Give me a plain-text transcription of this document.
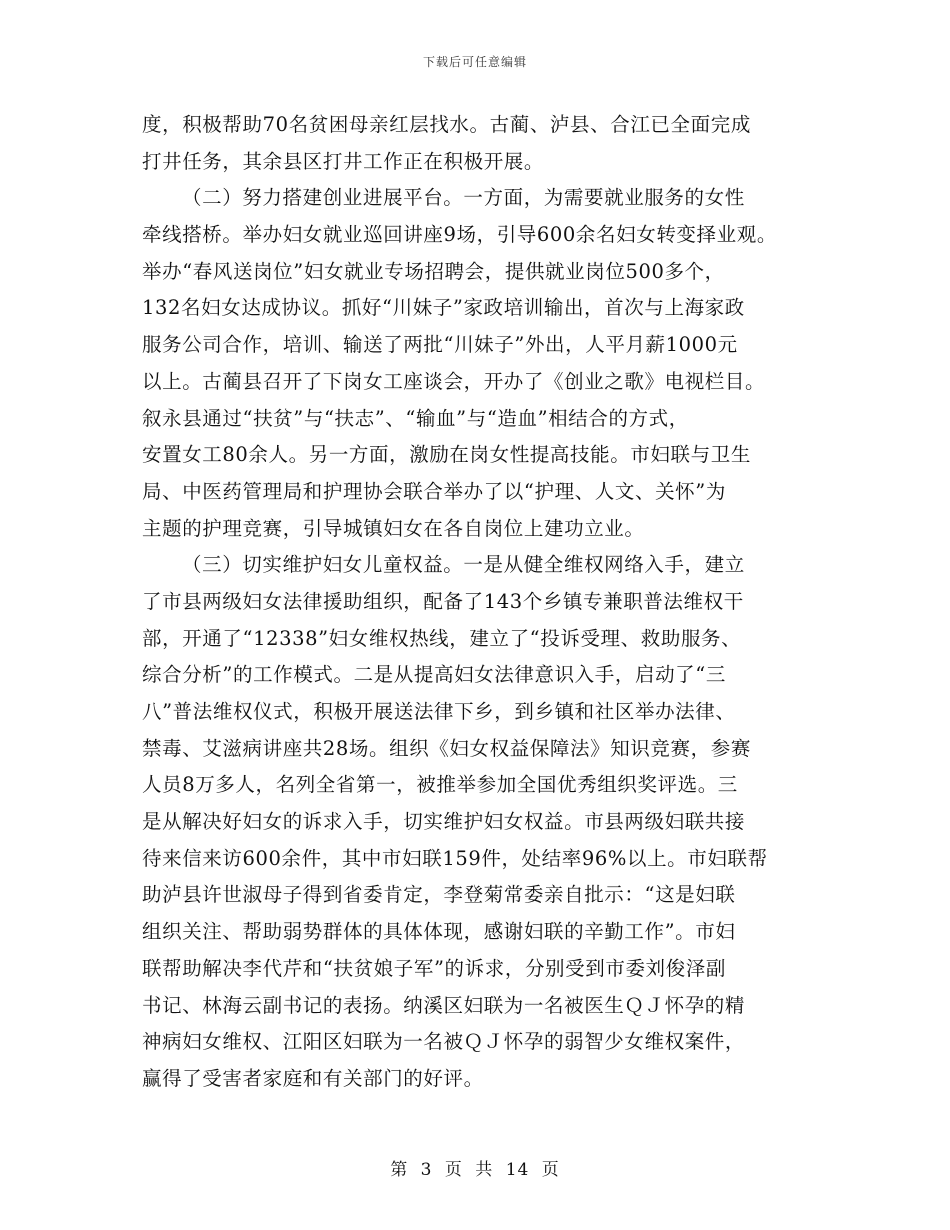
下载后可任意编辑
度，积极帮助70名贫困母亲红层找水。古蔺、泸县、合江已全面完成
打井任务，其余县区打井工作正在积极开展。
（二）努力搭建创业进展平台。一方面，为需要就业服务的女性
牵线搭桥。举办妇女就业巡回讲座9场，引导600余名妇女转变择业观。
举办“春风送岗位”妇女就业专场招聘会，提供就业岗位500多个，
132名妇女达成协议。抓好“川妹子”家政培训输出，首次与上海家政
服务公司合作，培训、输送了两批“川妹子”外出，人平月薪1000元
以上。古蔺县召开了下岗女工座谈会，开办了《创业之歌》电视栏目。
叙永县通过“扶贫”与“扶志”、“输血”与“造血”相结合的方式，
安置女工80余人。另一方面，激励在岗女性提高技能。市妇联与卫生
局、中医药管理局和护理协会联合举办了以“护理、人文、关怀”为
主题的护理竞赛，引导城镇妇女在各自岗位上建功立业。
（三）切实维护妇女儿童权益。一是从健全维权网络入手，建立
了市县两级妇女法律援助组织，配备了143个乡镇专兼职普法维权干
部，开通了“12338”妇女维权热线，建立了“投诉受理、救助服务、
综合分析”的工作模式。二是从提高妇女法律意识入手，启动了“三
八”普法维权仪式，积极开展送法律下乡，到乡镇和社区举办法律、
禁毒、艾滋病讲座共28场。组织《妇女权益保障法》知识竞赛，参赛
人员8万多人，名列全省第一，被推举参加全国优秀组织奖评选。三
是从解决好妇女的诉求入手，切实维护妇女权益。市县两级妇联共接
待来信来访600余件，其中市妇联159件，处结率96%以上。市妇联帮
助泸县许世淑母子得到省委肯定，李登菊常委亲自批示：“这是妇联
组织关注、帮助弱势群体的具体体现，感谢妇联的辛勤工作”。市妇
联帮助解决李代芹和“扶贫娘子军”的诉求，分别受到市委刘俊泽副
书记、林海云副书记的表扬。纳溪区妇联为一名被医生ＱＪ怀孕的精
神病妇女维权、江阳区妇联为一名被ＱＪ怀孕的弱智少女维权案件，
赢得了受害者家庭和有关部门的好评。
第 3 页 共 14 页
